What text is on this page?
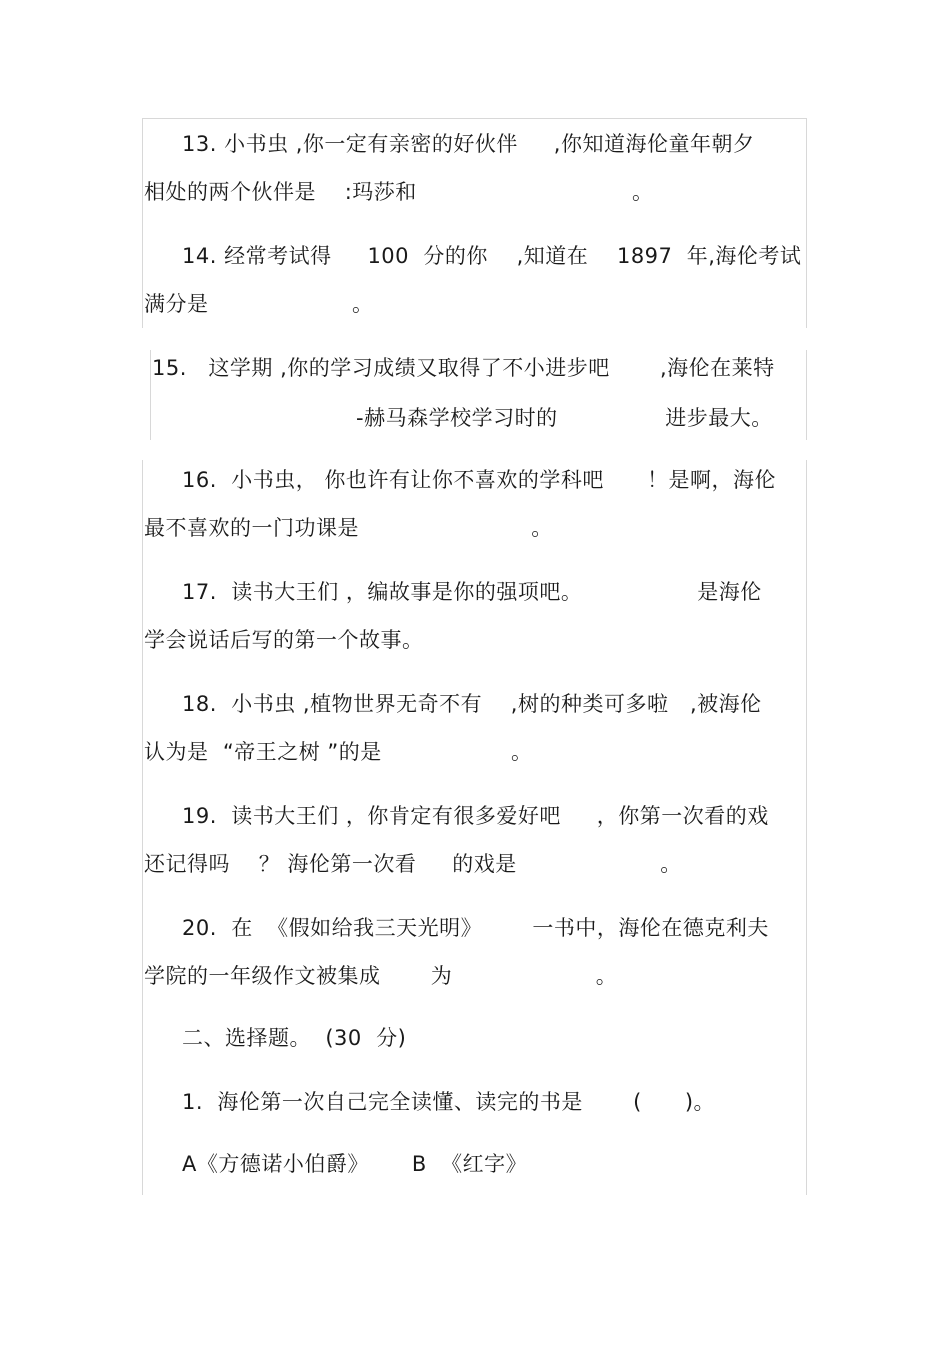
13. 小书虫 ,你一定有亲密的好伙伴     ,你知道海伦童年朝夕
相处的两个伙伴是    :玛莎和                              。
14. 经常考试得     100  分的你    ,知道在    1897  年,海伦考试
满分是                    。
15.   这学期 ,你的学习成绩又取得了不小进步吧       ,海伦在莱特
-赫马森学校学习时的               进步最大。
16.  小书虫， 你也许有让你不喜欢的学科吧      ！是啊，海伦
最不喜欢的一门功课是                        。
17.  读书大王们 ，编故事是你的强项吧。                是海伦
学会说话后写的第一个故事。
18.  小书虫 ,植物世界无奇不有    ,树的种类可多啦   ,被海伦
认为是  “帝王之树 ”的是                  。
19.  读书大王们 ，你肯定有很多爱好吧     ，你第一次看的戏
还记得吗    ？ 海伦第一次看     的戏是                    。
20.  在  《假如给我三天光明》       一书中，海伦在德克利夫
学院的一年级作文被集成       为                    。
二、选择题。  (30  分)
1.  海伦第一次自己完全读懂、读完的书是       (      )。
A《方德诺小伯爵》      B  《红字》
